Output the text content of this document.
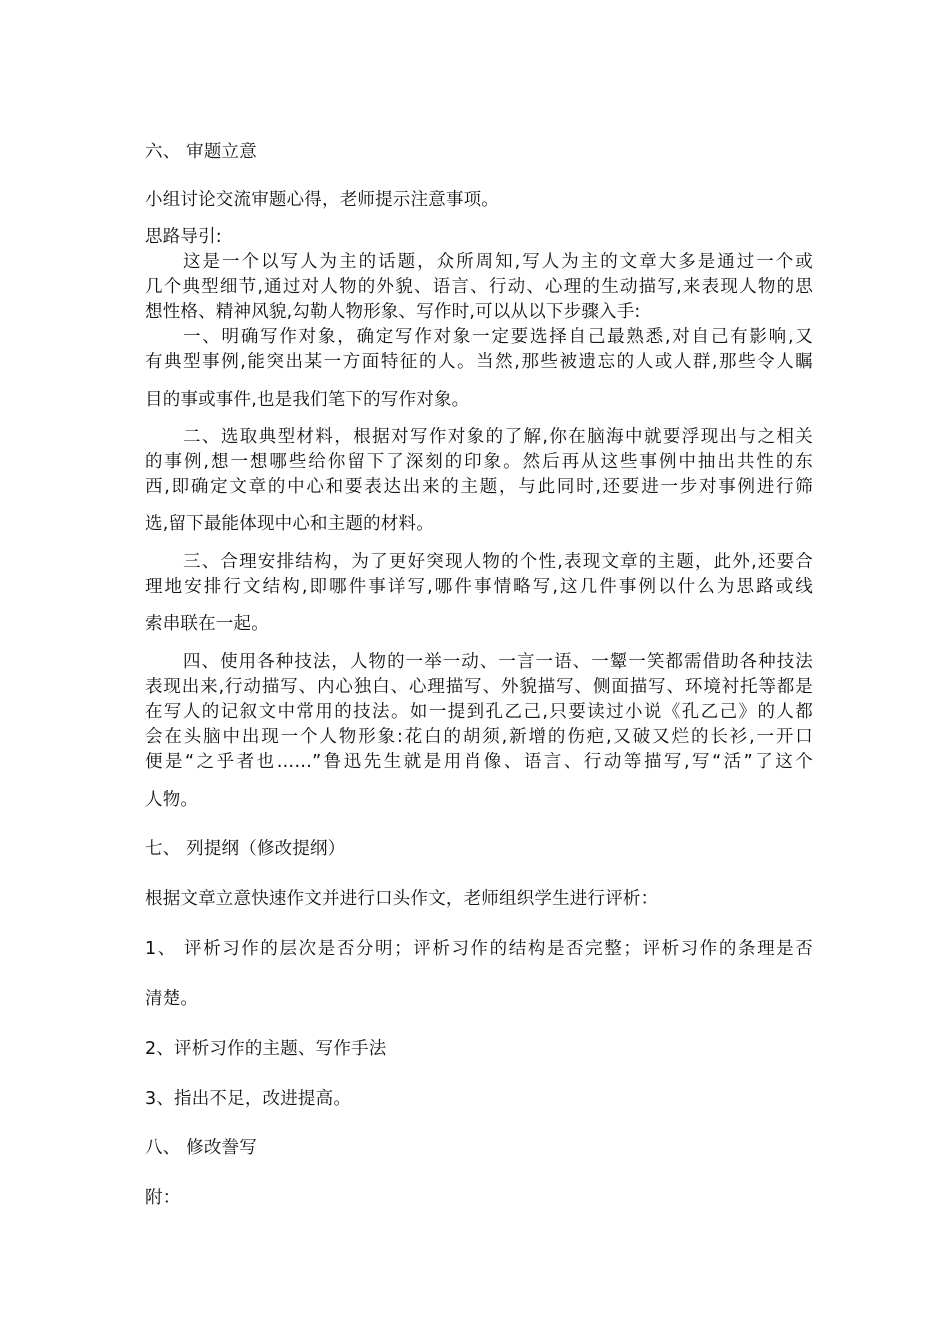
六、 审题立意

小组讨论交流审题心得，老师提示注意事项。

思路导引:

这是一个以写人为主的话题，众所周知,写人为主的文章大多是通过一个或

几个典型细节,通过对人物的外貌、语言、行动、心理的生动描写,来表现人物的思

想性格、精神风貌,勾勒人物形象、写作时,可以从以下步骤入手:

一、明确写作对象，确定写作对象一定要选择自己最熟悉,对自己有影响,又

有典型事例,能突出某一方面特征的人。当然,那些被遗忘的人或人群,那些令人瞩

目的事或事件,也是我们笔下的写作对象。

二、选取典型材料，根据对写作对象的了解,你在脑海中就要浮现出与之相关

的事例,想一想哪些给你留下了深刻的印象。然后再从这些事例中抽出共性的东

西,即确定文章的中心和要表达出来的主题，与此同时,还要进一步对事例进行筛

选,留下最能体现中心和主题的材料。

三、合理安排结构，为了更好突现人物的个性,表现文章的主题，此外,还要合

理地安排行文结构,即哪件事详写,哪件事情略写,这几件事例以什么为思路或线

索串联在一起。

四、使用各种技法，人物的一举一动、一言一语、一颦一笑都需借助各种技法

表现出来,行动描写、内心独白、心理描写、外貌描写、侧面描写、环境衬托等都是

在写人的记叙文中常用的技法。如一提到孔乙己,只要读过小说《孔乙己》的人都

会在头脑中出现一个人物形象:花白的胡须,新增的伤疤,又破又烂的长衫,一开口

便是“之乎者也……”鲁迅先生就是用肖像、语言、行动等描写,写“活”了这个

人物。

七、 列提纲（修改提纲）

根据文章立意快速作文并进行口头作文，老师组织学生进行评析：

1、 评析习作的层次是否分明；评析习作的结构是否完整；评析习作的条理是否

清楚。

2、评析习作的主题、写作手法

3、指出不足，改进提高。

八、 修改誊写

附：
